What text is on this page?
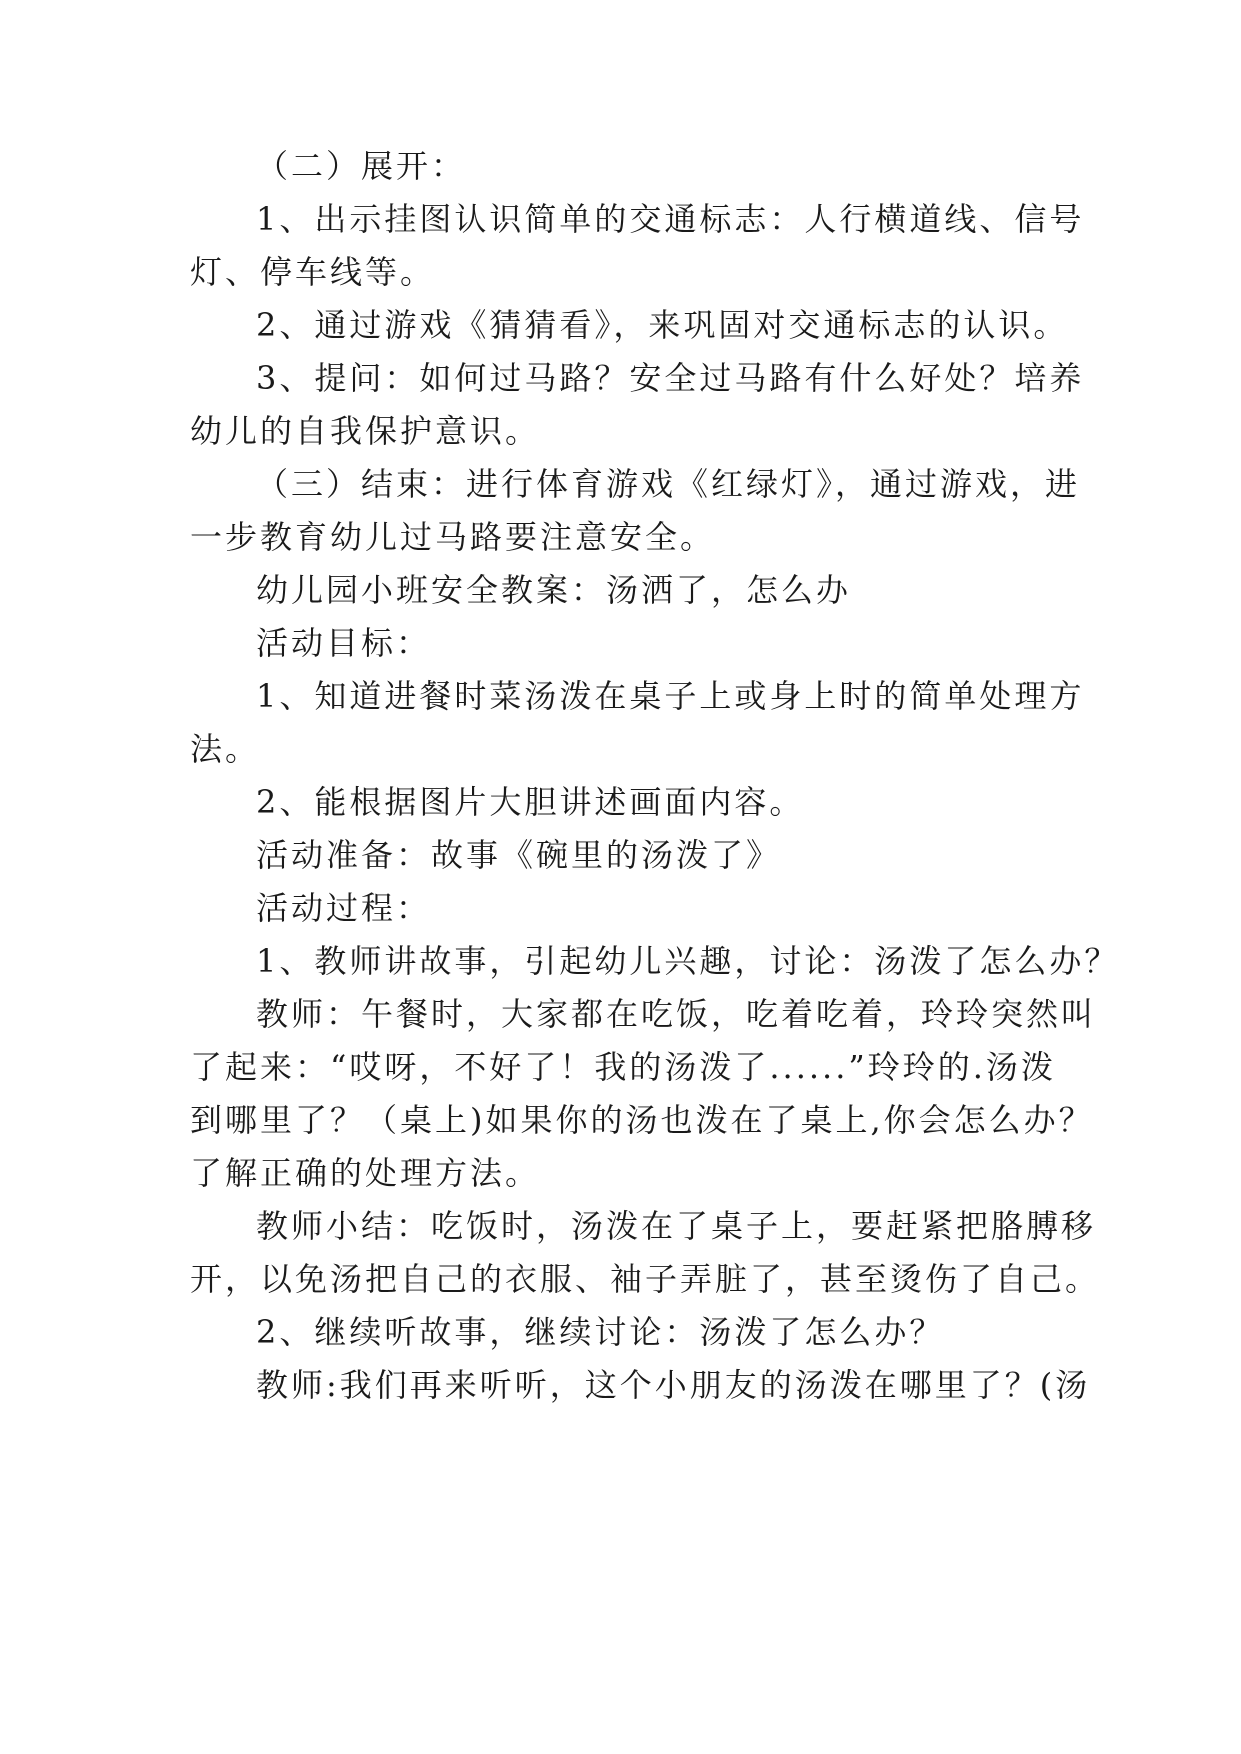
（二）展开：
1、出示挂图认识简单的交通标志：人行横道线、信号
灯、停车线等。
2、通过游戏《猜猜看》，来巩固对交通标志的认识。
3、提问：如何过马路？安全过马路有什么好处？培养
幼儿的自我保护意识。
（三）结束：进行体育游戏《红绿灯》，通过游戏，进
一步教育幼儿过马路要注意安全。
幼儿园小班安全教案：汤洒了，怎么办
活动目标：
1、知道进餐时菜汤泼在桌子上或身上时的简单处理方
法。
2、能根据图片大胆讲述画面内容。
活动准备：故事《碗里的汤泼了》
活动过程：
1、教师讲故事，引起幼儿兴趣，讨论：汤泼了怎么办？
教师：午餐时，大家都在吃饭，吃着吃着，玲玲突然叫
了起来：“哎呀，不好了！我的汤泼了......”玲玲的.汤泼
到哪里了？（桌上)如果你的汤也泼在了桌上,你会怎么办？
了解正确的处理方法。
教师小结：吃饭时，汤泼在了桌子上，要赶紧把胳膊移
开，以免汤把自己的衣服、袖子弄脏了，甚至烫伤了自己。
2、继续听故事，继续讨论：汤泼了怎么办？
教师:我们再来听听，这个小朋友的汤泼在哪里了？(汤
